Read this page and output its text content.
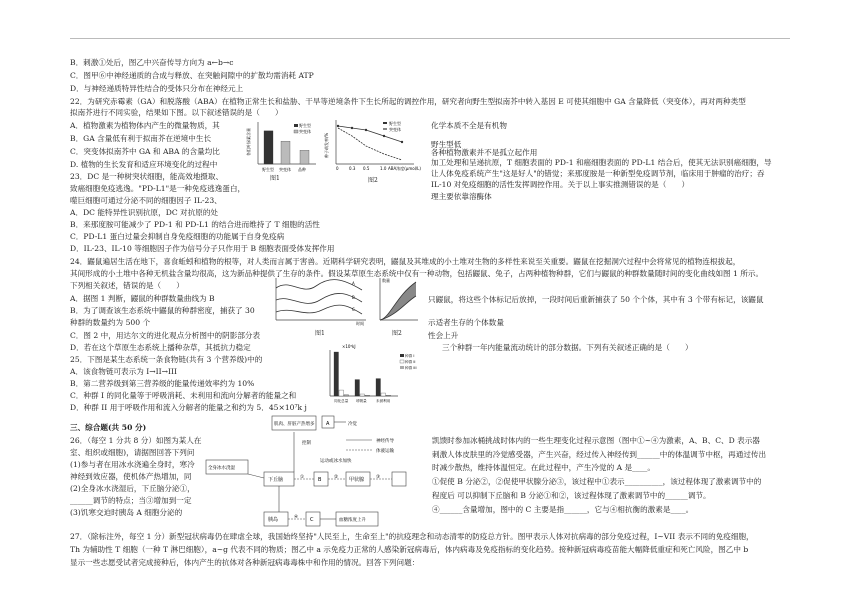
B．刺激①处后，图乙中兴奋传导方向为 a←b→c
C．图甲⑥中神经递质的合成与释放、在突触间隙中的扩散均需消耗 ATP
D．与神经递质特异性结合的受体只分布在神经元上
22．为研究赤霉素（GA）和脱落酸（ABA）在植物正常生长和盐胁、干旱等逆境条件下生长所起的调控作用，研究者向野生型拟南芥中转入基因 E 可使其细胞中 GA 含量降低（突变体），再对两种类型
拟南芥进行不同实验，结果如下图。以下叙述错误的是（　　）
A．植物激素为植物体内产生的微量物质，其	化学本质不全是有机物
B．GA 含量低有利于拟南芥在逆境中生长
C．突变体拟南芥中 GA 和 ABA 的含量均比
野生型低
D. 植物的生长发育和适应环境变化的过程中
各种植物激素并不是孤立起作用
23．DC 是一种树突状细胞，能高效地摄取、
加工处理和呈递抗原，T 细胞表面的 PD-1 和癌细胞表面的 PD-L1 结合后，使其无法识别癌细胞，导
致癌细胞免疫逃逸。"PD-L1"是一种免疫逃逸蛋白，
让人体免疫系统产生"这是好人"的错觉；来那度胺是一种新型免疫调节剂，临床用于肿瘤的治疗；吞
噬巨细胞可通过分泌不同的细胞因子 IL-23、
IL-10 对免疫细胞的活性发挥调控作用。关于以上事实推测错误的是（　　）
A．DC 能特异性识别抗原，DC 对抗原的处
理主要依靠溶酶体
B．来那度胺可能减少了 PD-1 和 PD-L1 的结合进而维持了 T 细胞的活性
C．PD-L1 蛋白过量会抑制自身免疫细胞的功能属于自身免疫病
D．IL-23、IL-10 等细胞因子作为信号分子只作用于 B 细胞表面受体发挥作用
24．鼹鼠遍居生活在地下，喜食蚯蚓和植物的根等，对人类而言属于害兽。近期科学研究表明，鼹鼠及其堆成的小土堆对生物的多样性来说至关重要。鼹鼠在挖掘洞穴过程中会将常见的植物连根拔起，
其间形成的小土堆中各种无机盐含量均很高，这为新品种提供了生存的条件。假设某草原生态系统中仅有一种动物，包括鼹鼠、兔子，占两种植物种群，它们与鼹鼠的种群数量随时间的变化曲线如图 1 所示。
下列相关叙述，错误的是（　　）
A．据图 1 判断，鼹鼠的种群数量曲线为 B
B．为了调查该生态系统中鼹鼠的种群密度，捕获了 30
只鼹鼠，将这些个体标记后放掉，一段时间后重新捕获了 50 个个体，其中有 3 个带有标记，该鼹鼠
种群的数量约为 500 个
C．图 2 中，用达尔文的进化观点分析图中的阴影部分表
示适者生存的个体数量
D．若在这个草原生态系统上播种杂草，其抵抗力稳定
性会上升
25．下图是某生态系统一条食物链(共有 3 个营养级)中的
三个种群一年内能量流动统计的部分数据。下列有关叙述正确的是（　　）
A．该食物链可表示为 I→II→III
B．第二营养级到第三营养级的能量传递效率约为 10%
C．种群 I 的同化量等于呼吸消耗、未利用和流向分解者的能量之和
D．种群 II 用于呼吸作用和流入分解者的能量之和约为 5．45×10⁷k j
三、综合题(共 50 分)
26．（每空 1 分共 8 分）如图为某人在
室、组织或细胞)，请据图回答下列问
凯馈时参加冰桶挑战时体内的一些生理变化过程示意图（图中①~④为激素，A、B、C、D 表示器
(1)参与者在用冰水浇遍全身时，寒冷
刺激人体皮肤里的冷觉感受器，产生兴奋，经过传入神经传到______中的体温调节中枢，再通过传出
神经到效应器，使机体产热增加，同
时减少散热，维持体温恒定。在此过程中，产生冷觉的 A 是____。
(2)全身冰水浇湿后，下丘脑分泌①，
①促使 B 分泌②，②促使甲状腺分泌③，该过程中①表示__________，该过程体现了激素调节中的
______调节的特点；当③增加到一定
程度后 可以抑制下丘脑和 B 分泌①和②，该过程体现了激素调节中的______调节。
(3)饥寒交迫时胰岛 A 细胞分泌的	④______含量增加，图中的 C 主要是指______，它与④相抗衡的激素是____。
27．（除标注外，每空 1 分）新型冠状病毒仍在肆虐全球，我国始终坚持"人民至上，生命至上"的抗疫理念和动态清零的防疫总方针。图甲表示人体对抗病毒的部分免疫过程，I~VII 表示不同的免疫细胞，
Th 为辅助性 T 细胞（一种 T 淋巴细胞），a~g 代表不同的物质；图乙中 a 示免疫力正常的人感染新冠病毒后，体内病毒及免疫指标的变化趋势。接种新冠病毒疫苗能大幅降低重症和死亡风险，图乙中 b
显示一些志愿受试者完成接种后，体内产生的抗体对各种新冠病毒毒株中和作用的情况。回答下列问题：
各组叶绿素含量
野生型 突变体 品种
野生型
突变体
图1
种子萌发率/%
野生型
突变体
0	0.3 0.5	1.0 ABA浓度(μmol/L)
图2
A
B
C
时间
图1
数量
图2
×10⁵kJ
同化总量 呼吸量	未被利用
种群 I
种群 II
种群 III
肌肉、肝脏产热增多 A	冷觉
神经传导
体液运输
控制
运动或冰水加快
全身冰水浇湿
下丘脑	①	B	② 甲状腺	③
胰岛	④ C	血糖浓度上升
